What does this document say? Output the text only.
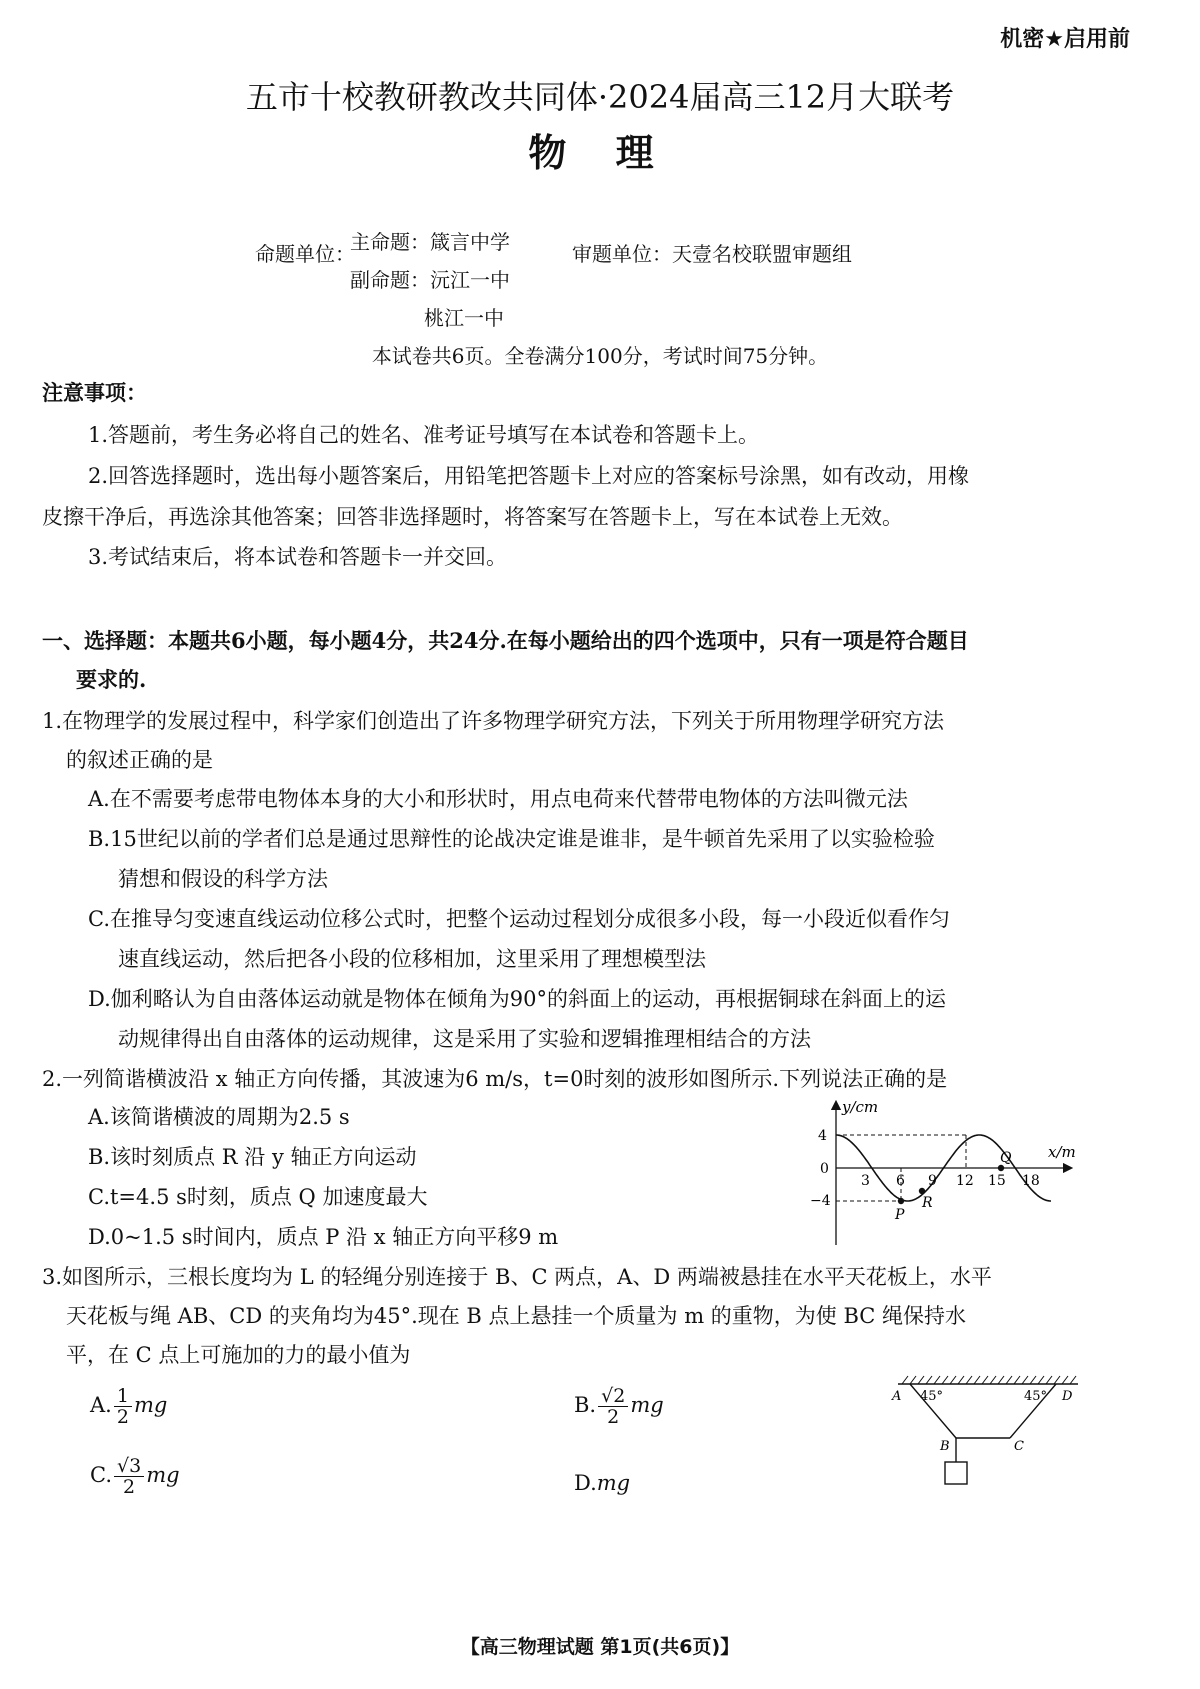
机密★启用前
五市十校教研教改共同体·2024届高三12月大联考
物 理
命题单位：
主命题：箴言中学
副命题：沅江一中
桃江一中
审题单位：天壹名校联盟审题组
本试卷共6页。全卷满分100分，考试时间75分钟。
注意事项：
1.答题前，考生务必将自己的姓名、准考证号填写在本试卷和答题卡上。
2.回答选择题时，选出每小题答案后，用铅笔把答题卡上对应的答案标号涂黑，如有改动，用橡
皮擦干净后，再选涂其他答案；回答非选择题时，将答案写在答题卡上，写在本试卷上无效。
3.考试结束后，将本试卷和答题卡一并交回。
一、选择题：本题共6小题，每小题4分，共24分.在每小题给出的四个选项中，只有一项是符合题目
要求的.
1.在物理学的发展过程中，科学家们创造出了许多物理学研究方法，下列关于所用物理学研究方法
的叙述正确的是
A.在不需要考虑带电物体本身的大小和形状时，用点电荷来代替带电物体的方法叫微元法
B.15世纪以前的学者们总是通过思辩性的论战决定谁是谁非，是牛顿首先采用了以实验检验
猜想和假设的科学方法
C.在推导匀变速直线运动位移公式时，把整个运动过程划分成很多小段，每一小段近似看作匀
速直线运动，然后把各小段的位移相加，这里采用了理想模型法
D.伽利略认为自由落体运动就是物体在倾角为90°的斜面上的运动，再根据铜球在斜面上的运
动规律得出自由落体的运动规律，这是采用了实验和逻辑推理相结合的方法
2.一列简谐横波沿 x 轴正方向传播，其波速为6 m/s，t=0时刻的波形如图所示.下列说法正确的是
A.该简谐横波的周期为2.5 s
B.该时刻质点 R 沿 y 轴正方向运动
C.t=4.5 s时刻，质点 Q 加速度最大
D.0~1.5 s时间内，质点 P 沿 x 轴正方向平移9 m
y/cm
x/m
4
0
−4
3 6 9 12 15 18
P
R
Q
3.如图所示，三根长度均为 L 的轻绳分别连接于 B、C 两点，A、D 两端被悬挂在水平天花板上，水平
天花板与绳 AB、CD 的夹角均为45°.现在 B 点上悬挂一个质量为 m 的重物，为使 BC 绳保持水
平，在 C 点上可施加的力的最小值为
A. $\frac{1}{2}$ mg	B. $\frac{√2}{2}$ mg
C. $\frac{√3}{2}$ mg	D.mg
A 45°	45° D
B	C
【高三物理试题 第1页(共6页)】
